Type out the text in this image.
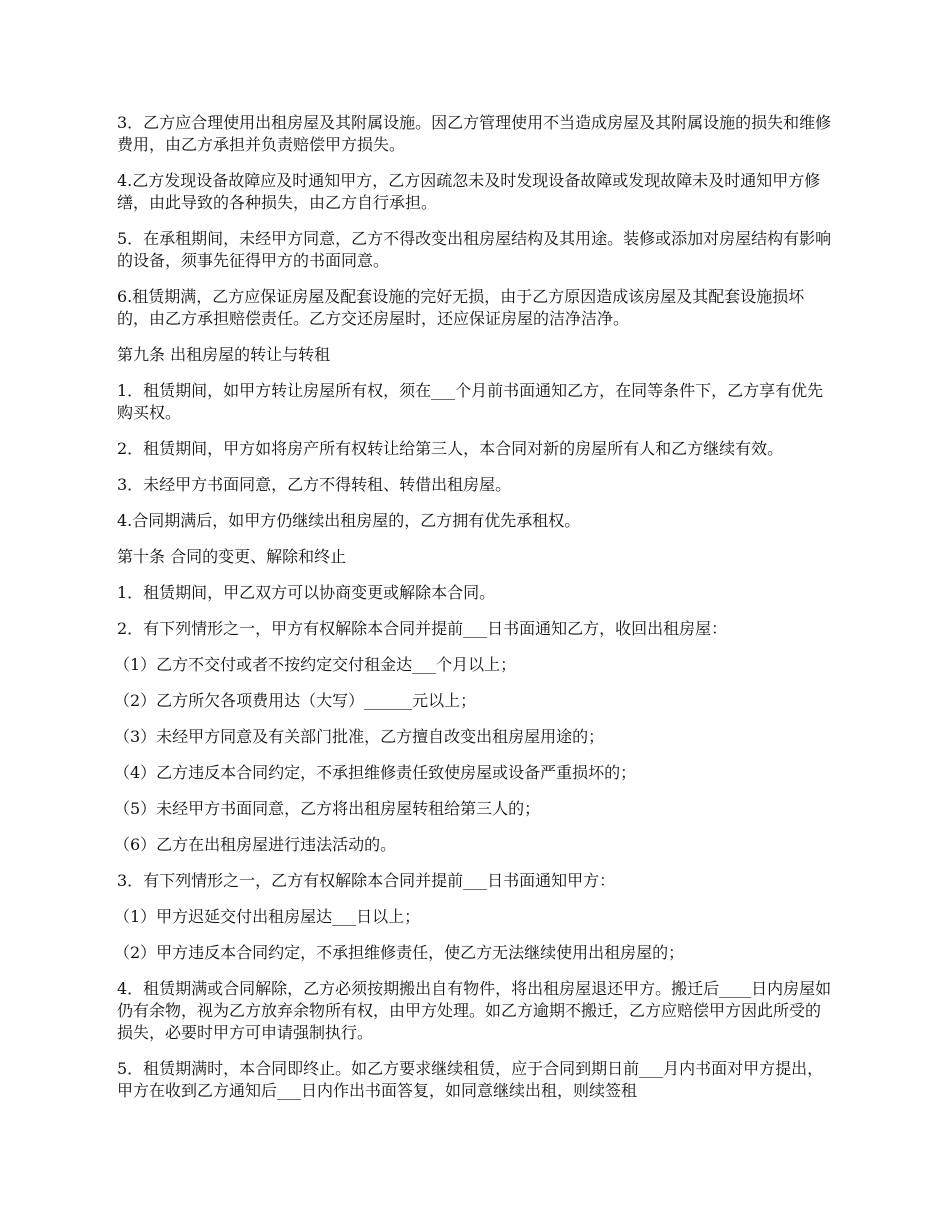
3．乙方应合理使用出租房屋及其附属设施。因乙方管理使用不当造成房屋及其附属设施的损失和维修费用，由乙方承担并负责赔偿甲方损失。

4.乙方发现设备故障应及时通知甲方，乙方因疏忽未及时发现设备故障或发现故障未及时通知甲方修缮，由此导致的各种损失，由乙方自行承担。

5．在承租期间，未经甲方同意，乙方不得改变出租房屋结构及其用途。装修或添加对房屋结构有影响的设备，须事先征得甲方的书面同意。

6.租赁期满，乙方应保证房屋及配套设施的完好无损，由于乙方原因造成该房屋及其配套设施损坏的，由乙方承担赔偿责任。乙方交还房屋时，还应保证房屋的洁净洁净。

第九条 出租房屋的转让与转租

1．租赁期间，如甲方转让房屋所有权，须在___个月前书面通知乙方，在同等条件下，乙方享有优先购买权。

2．租赁期间，甲方如将房产所有权转让给第三人，本合同对新的房屋所有人和乙方继续有效。

3．未经甲方书面同意，乙方不得转租、转借出租房屋。

4.合同期满后，如甲方仍继续出租房屋的，乙方拥有优先承租权。

第十条 合同的变更、解除和终止

1．租赁期间，甲乙双方可以协商变更或解除本合同。

2．有下列情形之一，甲方有权解除本合同并提前___日书面通知乙方，收回出租房屋：

（1）乙方不交付或者不按约定交付租金达___个月以上；

（2）乙方所欠各项费用达（大写）______元以上；

（3）未经甲方同意及有关部门批准，乙方擅自改变出租房屋用途的；

（4）乙方违反本合同约定，不承担维修责任致使房屋或设备严重损坏的；

（5）未经甲方书面同意，乙方将出租房屋转租给第三人的；

（6）乙方在出租房屋进行违法活动的。

3．有下列情形之一，乙方有权解除本合同并提前___日书面通知甲方：

（1）甲方迟延交付出租房屋达___日以上；

（2）甲方违反本合同约定，不承担维修责任，使乙方无法继续使用出租房屋的；

4．租赁期满或合同解除，乙方必须按期搬出自有物件，将出租房屋退还甲方。搬迁后____日内房屋如仍有余物，视为乙方放弃余物所有权，由甲方处理。如乙方逾期不搬迁，乙方应赔偿甲方因此所受的损失，必要时甲方可申请强制执行。

5．租赁期满时，本合同即终止。如乙方要求继续租赁，应于合同到期日前___月内书面对甲方提出，甲方在收到乙方通知后___日内作出书面答复，如同意继续出租，则续签租
